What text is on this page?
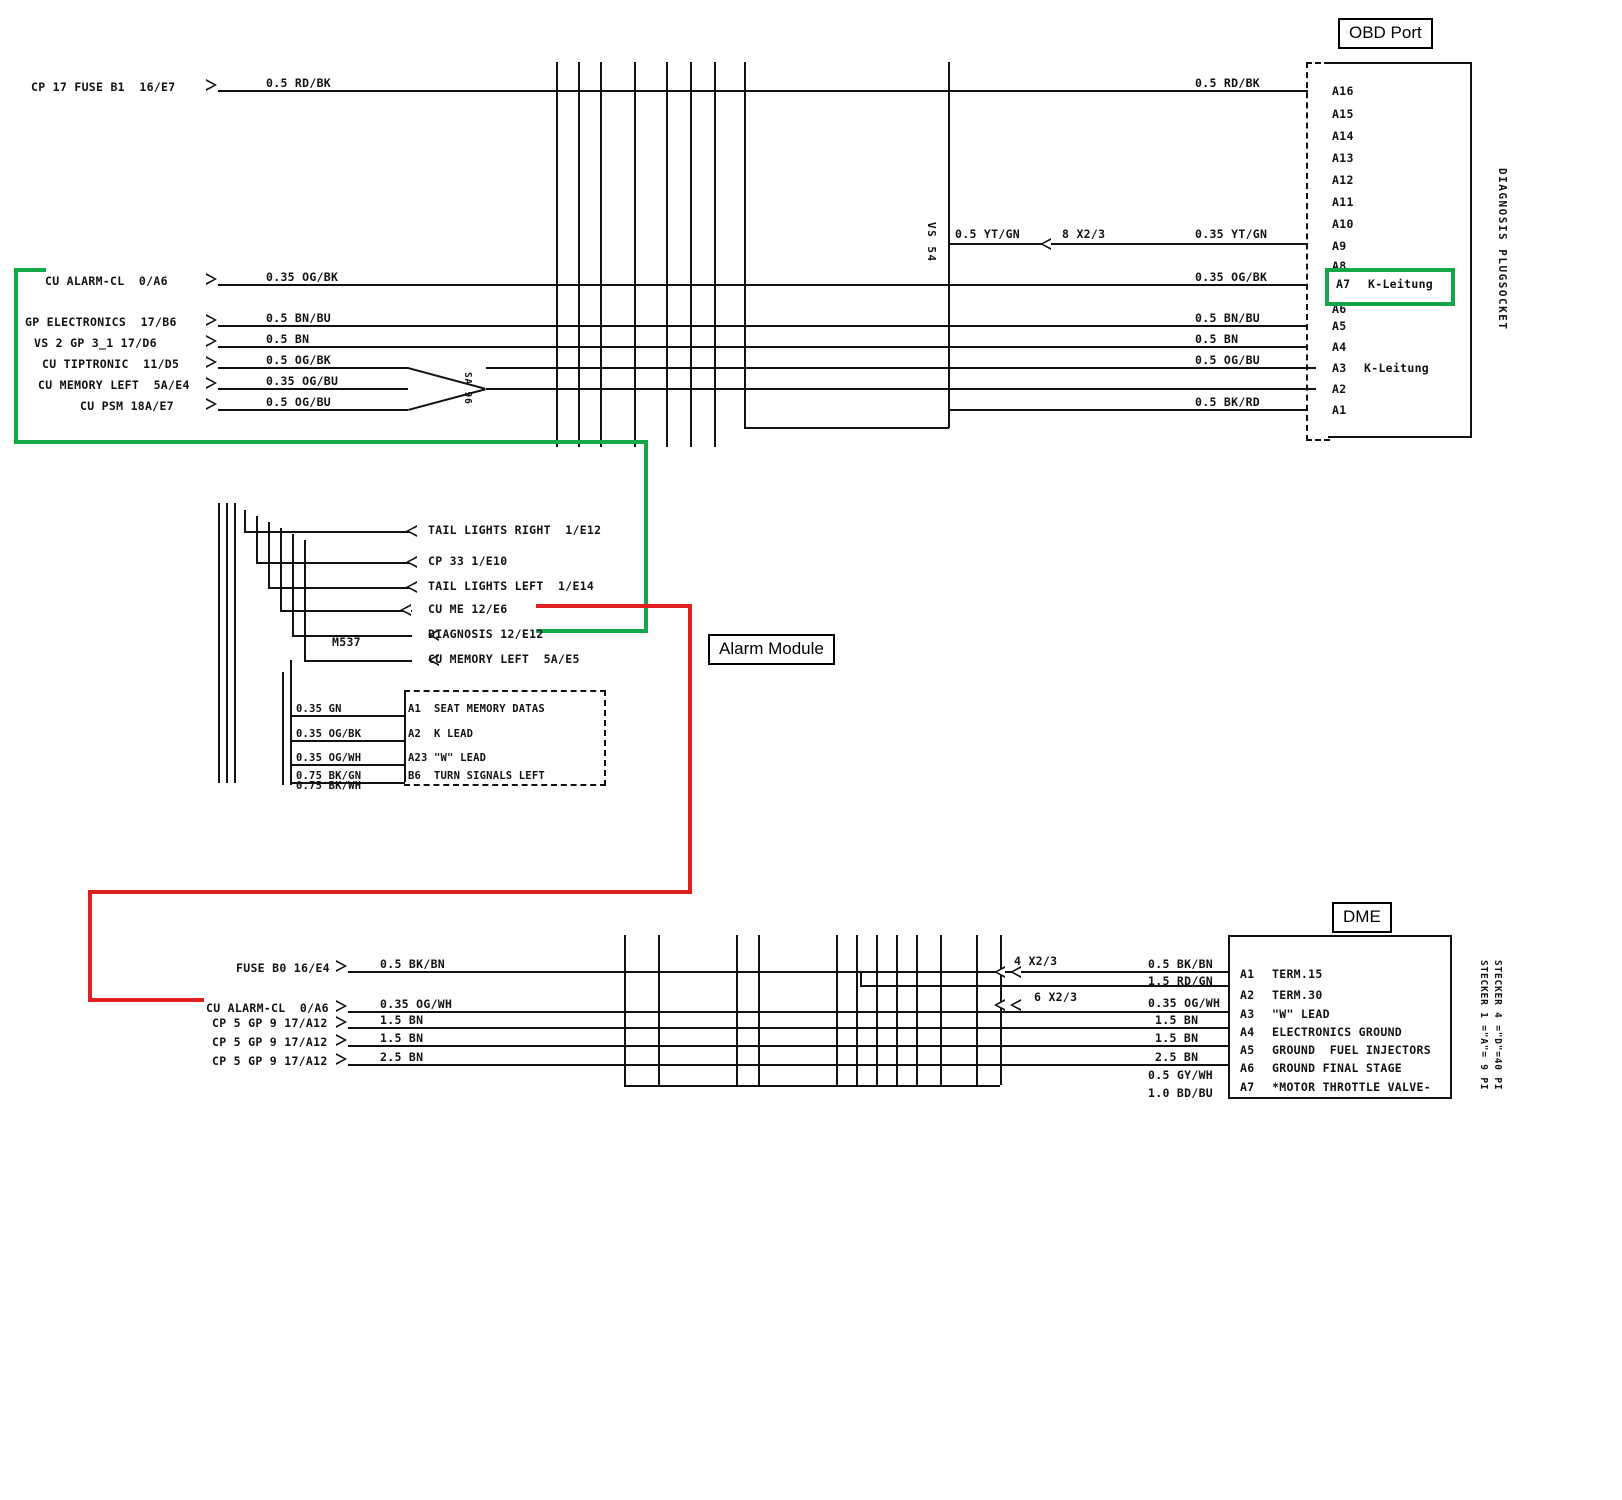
CP 17 FUSE B1  16/E7	0.5 RD/BK
CU ALARM-CL  0/A6	0.35 OG/BK
GP ELECTRONICS  17/B6	0.5 BN/BU
VS 2 GP 3_1 17/D6	0.5 BN
CU TIPTRONIC  11/D5	0.5 OG/BK
CU MEMORY LEFT  5A/E4	0.35 OG/BU
CU PSM 18A/E7	0.5 OG/BU	SA 96
VS 54 0.5 YT/GN	8 X2/3	0.35 YT/GN
0.5 RD/BK
0.35 OG/BK
0.5 BN/BU
0.5 BN
0.5 OG/BU
0.5 BK/RD
A16
A15
A14
A13
A12
A11
A10
A9
A8
A7 K-Leitung
A6
A5
A4
A3 K-Leitung
A2
A1
DIAGNOSIS PLUGSOCKET
OBD Port
TAIL LIGHTS RIGHT  1/E12
CP 33 1/E10
TAIL LIGHTS LEFT  1/E14
CU ME 12/E6
DIAGNOSIS 12/E12
CU MEMORY LEFT  5A/E5
M537
0.35 GN	A1 SEAT MEMORY DATAS
0.35 OG/BK	A2 K LEAD
0.35 OG/WH	A23 "W" LEAD
0.75 BK/GN	B6 TURN SIGNALS LEFT
0.75 BK/WH
Alarm Module
FUSE B0 16/E4	0.5 BK/BN
CU ALARM-CL  0/A6	0.35 OG/WH
CP 5 GP 9 17/A12	1.5 BN
CP 5 GP 9 17/A12	1.5 BN
CP 5 GP 9 17/A12	2.5 BN
4 X2/3
6 X2/3
0.5 BK/BN
1.5 RD/GN
0.35 OG/WH
1.5 BN
1.5 BN
2.5 BN
0.5 GY/WH
1.0 BD/BU
A1 TERM.15
A2 TERM.30
A3 "W" LEAD
A4 ELECTRONICS GROUND
A5 GROUND  FUEL INJECTORS
A6 GROUND FINAL STAGE
A7 *MOTOR THROTTLE VALVE-	STECKER 1 ="A"= 9 PI STECKER 4 ="D"=40 PI
DME
